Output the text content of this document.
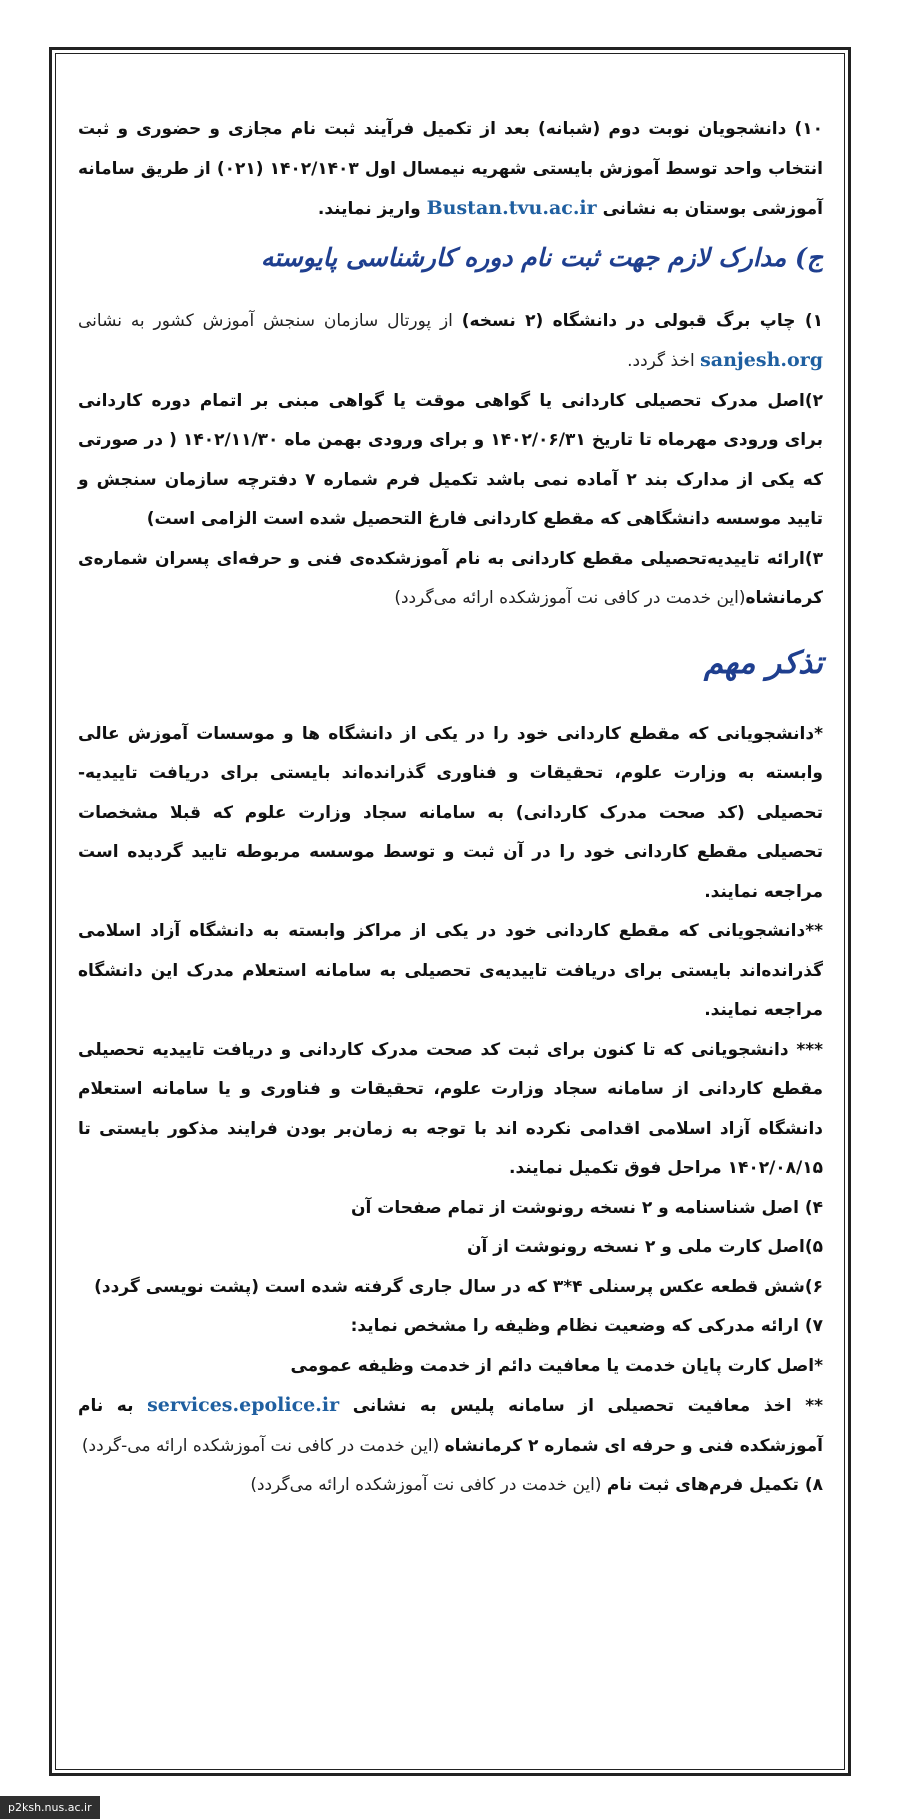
۱۰) دانشجویان نوبت دوم (شبانه) بعد از تکمیل فرآیند ثبت نام مجازی و حضوری و ثبت انتخاب واحد توسط آموزش بایستی شهریه نیمسال اول ۱۴۰۲/۱۴۰۳ (۰۲۱) از طریق سامانه آموزشی بوستان به نشانی Bustan.tvu.ac.ir واریز نمایند.

ج) مدارک لازم جهت ثبت نام دوره کارشناسی پایوسته

۱) چاپ برگ قبولی در دانشگاه (۲ نسخه) از پورتال سازمان سنجش آموزش کشور به نشانی sanjesh.org اخذ گردد.

۲)اصل مدرک تحصیلی کاردانی یا گواهی موقت یا گواهی مبنی بر اتمام دوره کاردانی برای ورودی مهرماه تا تاریخ ۱۴۰۲/۰۶/۳۱ و برای ورودی بهمن ماه ۱۴۰۲/۱۱/۳۰ ( در صورتی که یکی از مدارک بند ۲ آماده نمی باشد تکمیل فرم شماره ۷ دفترچه سازمان سنجش و تایید موسسه دانشگاهی که مقطع کاردانی فارغ التحصیل شده است الزامی است)

۳)ارائه تاییدیه‌تحصیلی مقطع کاردانی به نام آموزشکده‌ی فنی و حرفه‌ای پسران شماره‌ی کرمانشاه(این خدمت در کافی نت آموزشکده ارائه می‌گردد)

تذکر مهم

*دانشجویانی که مقطع کاردانی خود را در یکی از دانشگاه ها و موسسات آموزش عالی وابسته به وزارت علوم، تحقیقات و فناوری گذرانده‌اند بایستی برای دریافت تاییدیه-تحصیلی (کد صحت مدرک کاردانی) به سامانه سجاد وزارت علوم که قبلا مشخصات تحصیلی مقطع کاردانی خود را در آن ثبت و توسط موسسه مربوطه تایید گردیده است مراجعه نمایند.

**دانشجویانی که مقطع کاردانی خود در یکی از مراکز وابسته به دانشگاه آزاد اسلامی گذرانده‌اند بایستی برای دریافت تاییدیه‌ی تحصیلی به سامانه استعلام مدرک این دانشگاه مراجعه نمایند.

*** دانشجویانی که تا کنون برای ثبت کد صحت مدرک کاردانی و دریافت تاییدیه تحصیلی مقطع کاردانی از سامانه سجاد وزارت علوم، تحقیقات و فناوری و یا سامانه استعلام دانشگاه آزاد اسلامی اقدامی نکرده اند با توجه به زمان‌بر بودن فرایند مذکور بایستی تا ۱۴۰۲/۰۸/۱۵ مراحل فوق تکمیل نمایند.

۴) اصل شناسنامه و ۲ نسخه رونوشت از تمام صفحات آن

۵)اصل کارت ملی و ۲ نسخه رونوشت از آن

۶)شش قطعه عکس پرسنلی ۴*۳ که در سال جاری گرفته شده است (پشت نویسی گردد)

۷) ارائه مدرکی که وضعیت نظام وظیفه را مشخص نماید:

*اصل کارت پایان خدمت یا معافیت دائم از خدمت وظیفه عمومی

** اخذ معافیت تحصیلی از سامانه پلیس به نشانی services.epolice.ir به نام آموزشکده فنی و حرفه ای شماره ۲ کرمانشاه (این خدمت در کافی نت آموزشکده ارائه می-گردد)

۸) تکمیل فرم‌های ثبت نام (این خدمت در کافی نت آموزشکده ارائه می‌گردد)

p2ksh.nus.ac.ir
